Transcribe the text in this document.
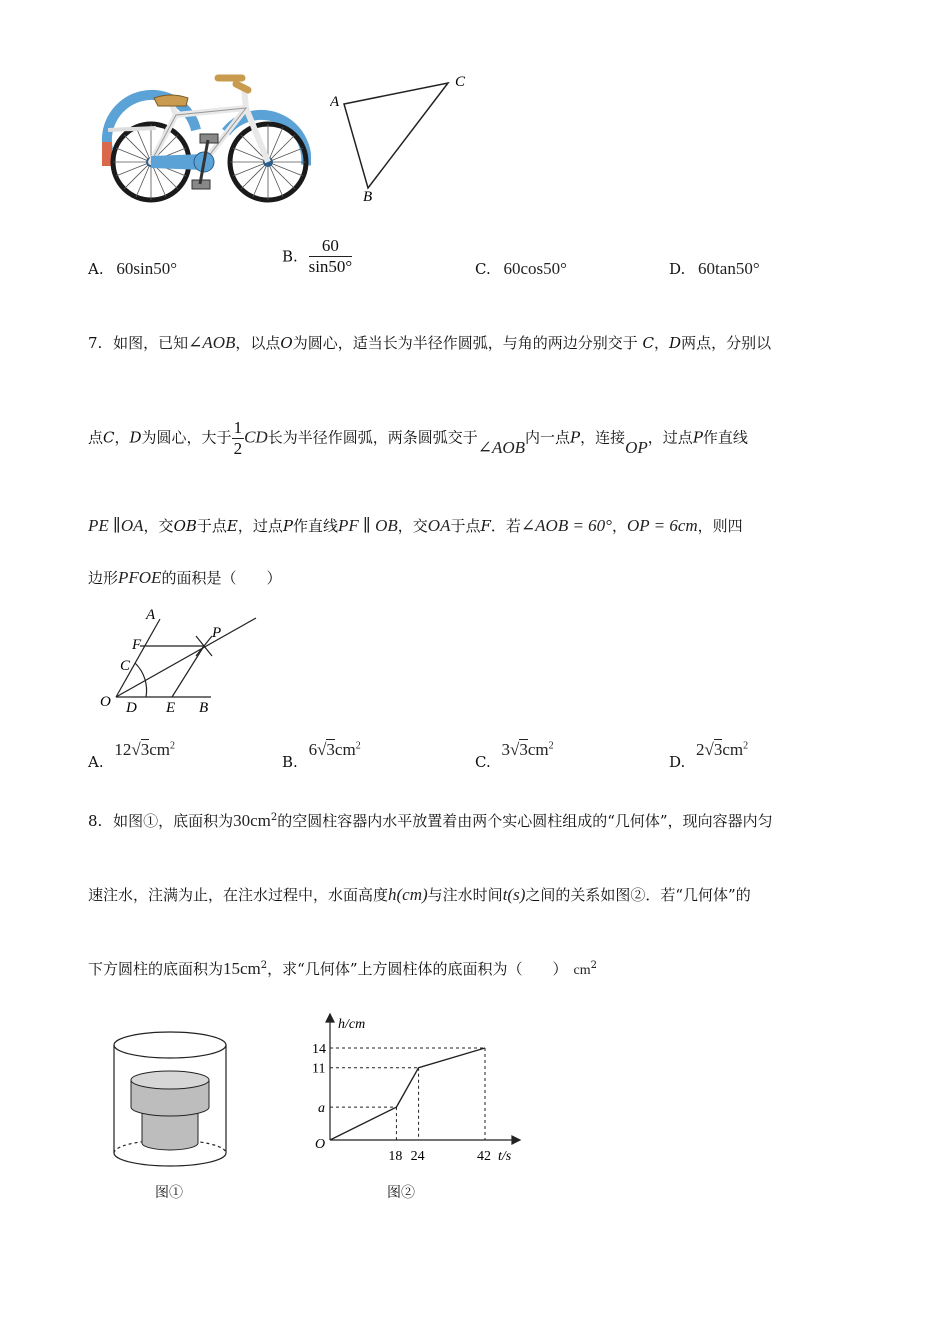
A
C
B
A. 60sin50°
B. $\frac{60}{\sin 50^\circ}$	C. 60cos50°	D. 60tan50°
7. 如图，已知∠AOB，以点O为圆心，适当长为半径作圆弧，与角的两边分别交于 C，D两点，分别以
点C，D为圆心，大于 $\frac{1}{2}$ CD长为半径作圆弧，两条圆弧交于∠AOB内一点P，连接OP，过点P作直线
PE ∥OA，交OB于点E，过点P作直线PF ∥ OB，交OA于点F．若∠AOB = 60°，OP = 6cm，则四
边形PFOE的面积是（　　）
A
F
P
C
O D E B
A. $12√3cm^2$
B. $6√3cm^2$
C. $3√3cm^2$
D. $2√3cm^2$
8. 如图①，底面积为$30cm^2$的空圆柱容器内水平放置着由两个实心圆柱组成的“几何体”，现向容器内匀
速注水，注满为止，在注水过程中，水面高度h(cm)与注水时间t(s)之间的关系如图②．若“几何体”的
下方圆柱的底面积为$15cm^2$，求“几何体”上方圆柱体的底面积为（　　） $cm^2$
图①
h/cm
t/s
O
18
a
24
11
42
14
图②
